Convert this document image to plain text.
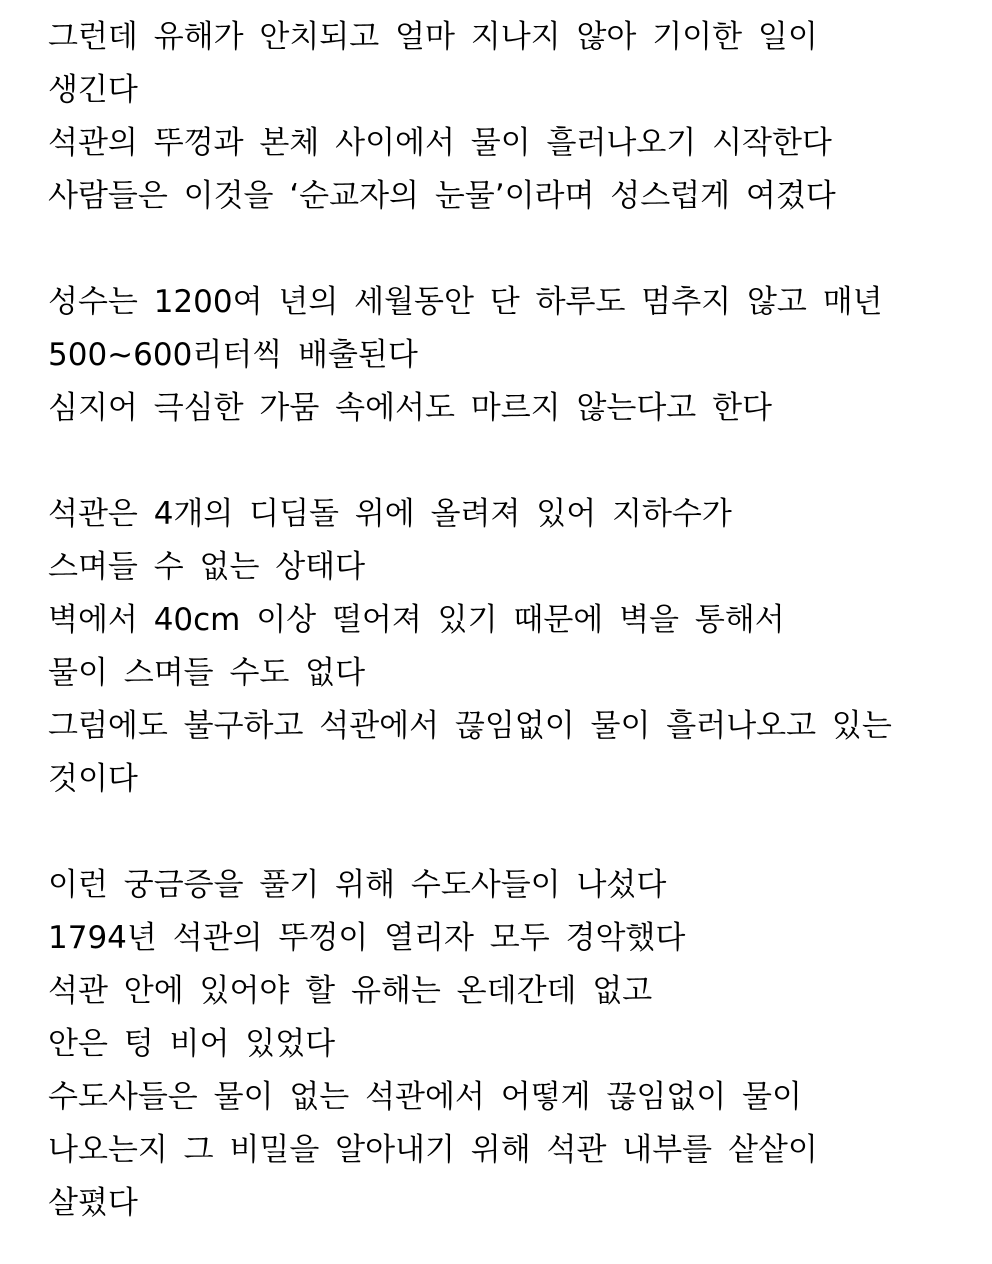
그런데 유해가 안치되고 얼마 지나지 않아 기이한 일이
생긴다
석관의 뚜껑과 본체 사이에서 물이 흘러나오기 시작한다
사람들은 이것을 ‘순교자의 눈물’이라며 성스럽게 여겼다
성수는 1200여 년의 세월동안 단 하루도 멈추지 않고 매년
500~600리터씩 배출된다
심지어 극심한 가뭄 속에서도 마르지 않는다고 한다
석관은 4개의 디딤돌 위에 올려져 있어 지하수가
스며들 수 없는 상태다
벽에서 40cm 이상 떨어져 있기 때문에 벽을 통해서
물이 스며들 수도 없다
그럼에도 불구하고 석관에서 끊임없이 물이 흘러나오고 있는
것이다
이런 궁금증을 풀기 위해 수도사들이 나섰다
1794년 석관의 뚜껑이 열리자 모두 경악했다
석관 안에 있어야 할 유해는 온데간데 없고
안은 텅 비어 있었다
수도사들은 물이 없는 석관에서 어떻게 끊임없이 물이
나오는지 그 비밀을 알아내기 위해 석관 내부를 샅샅이
살폈다
